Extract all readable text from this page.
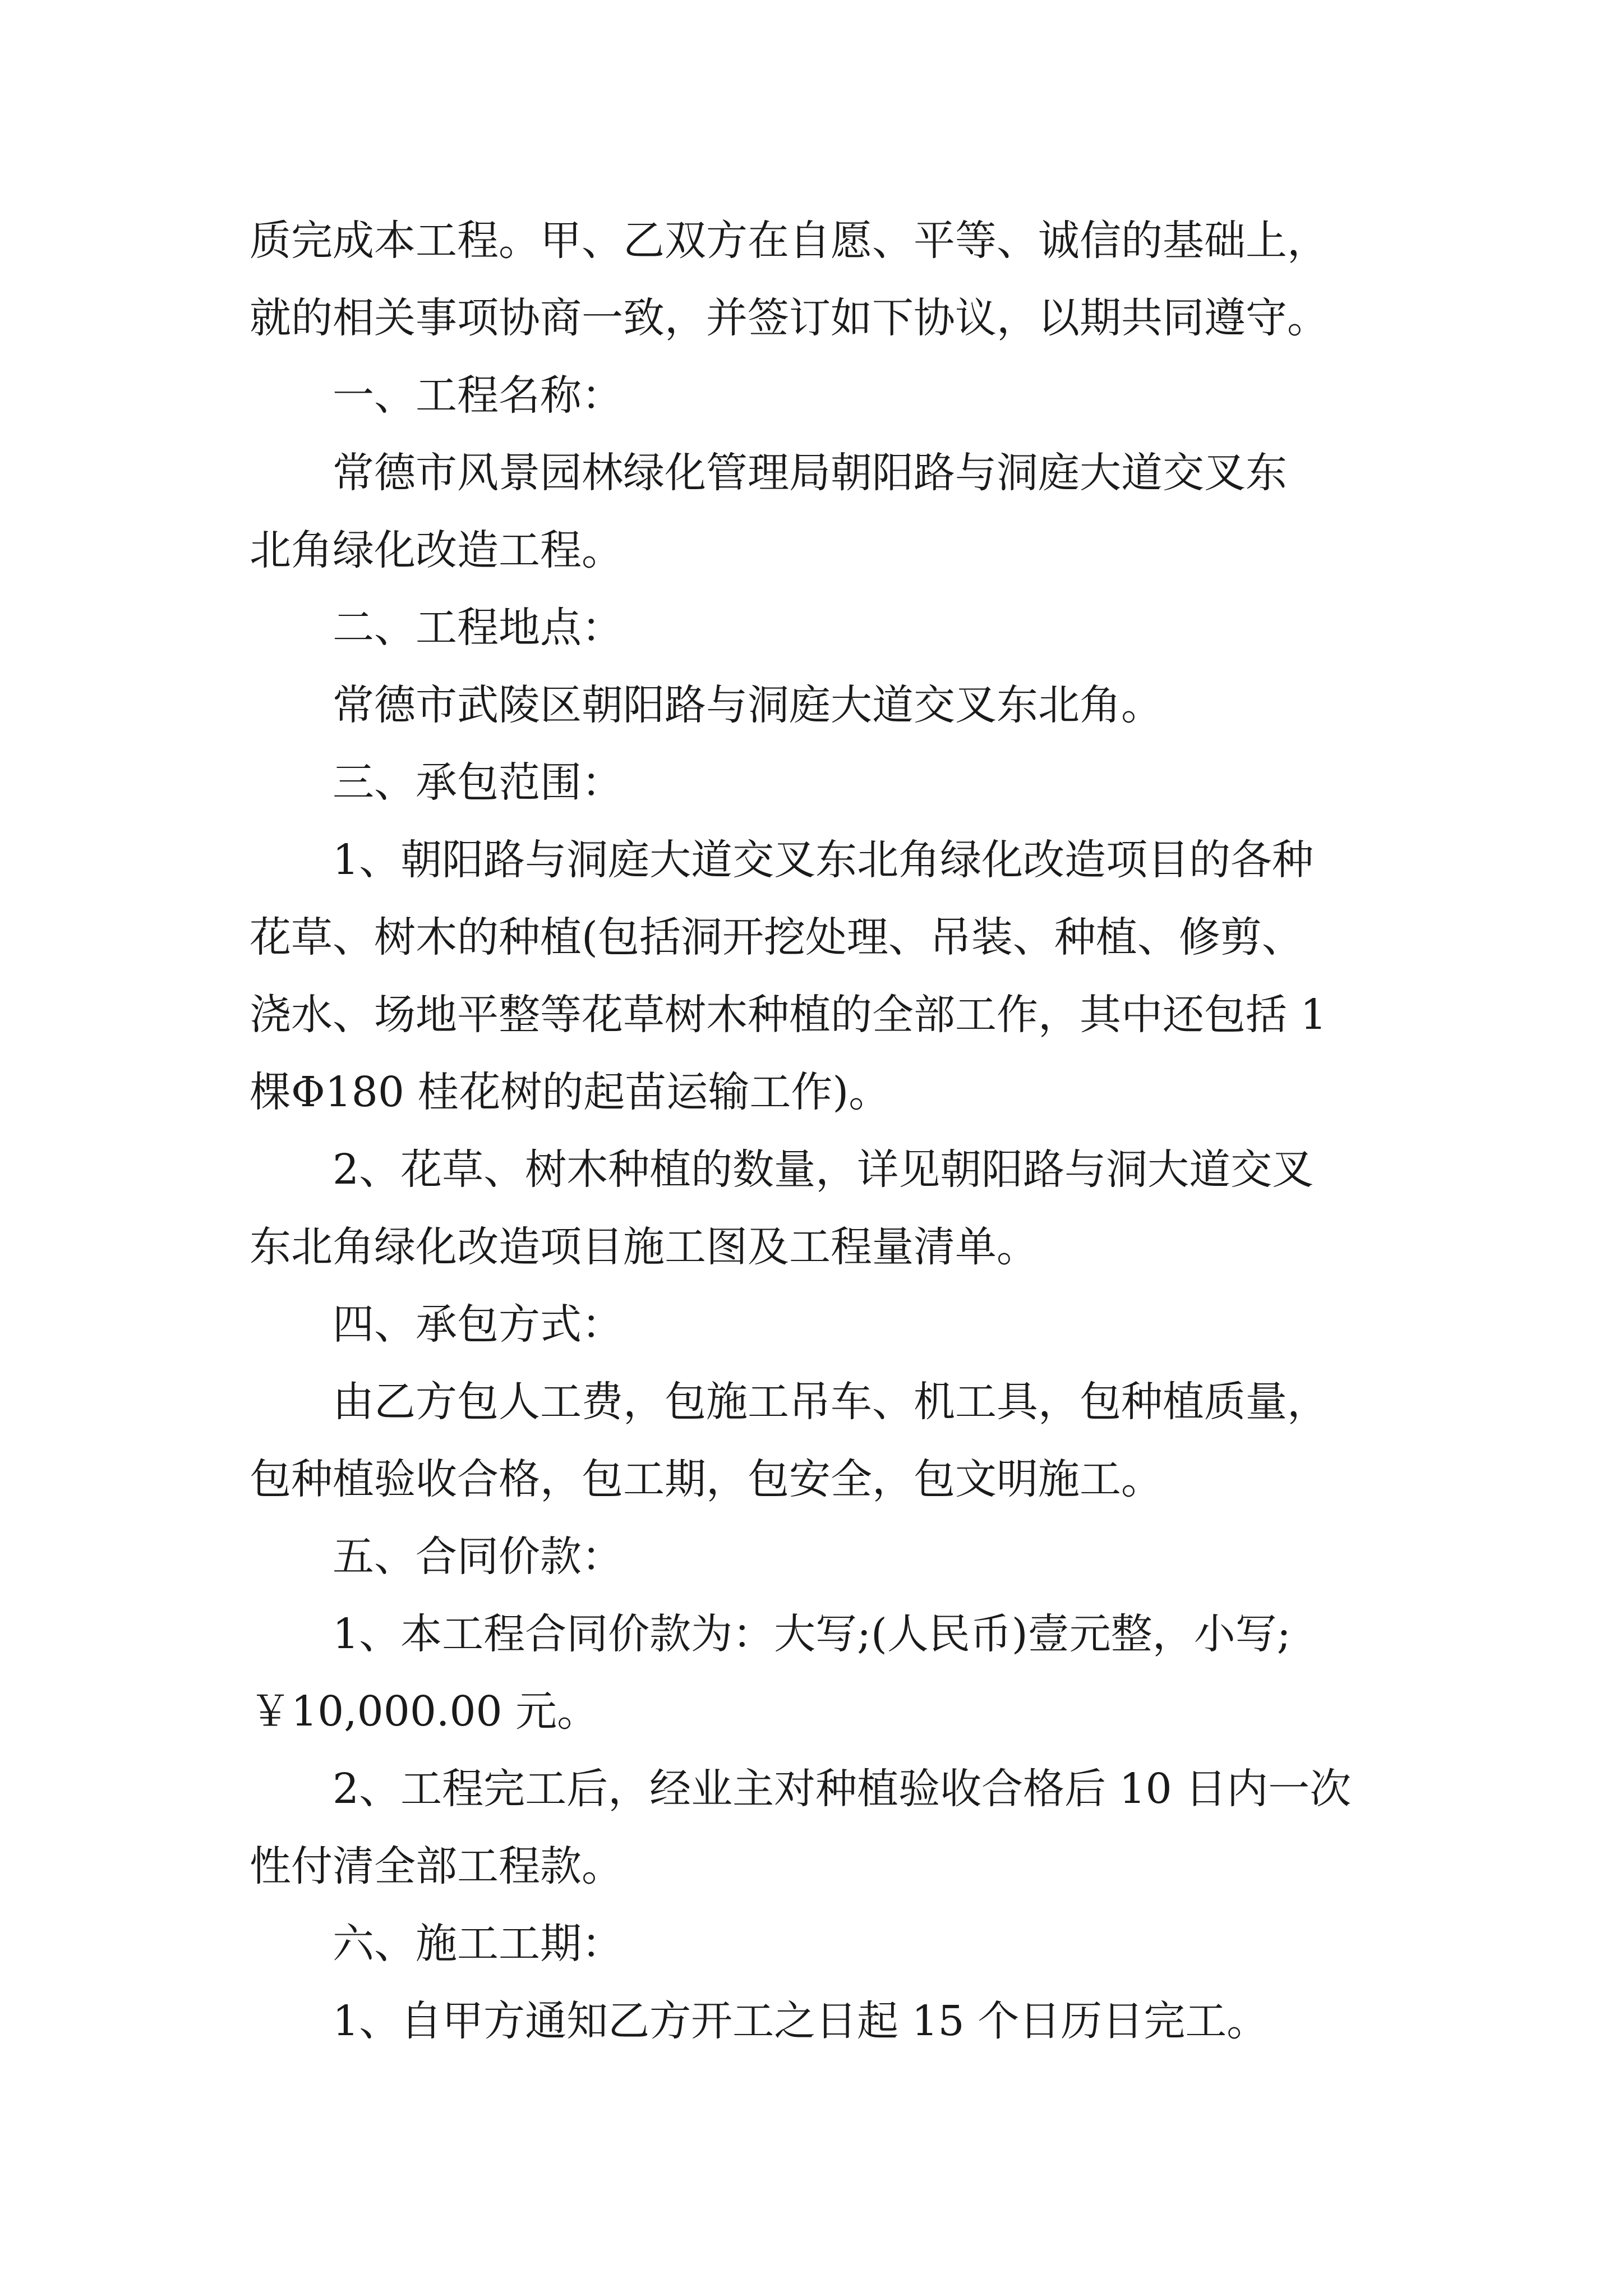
质完成本工程。甲、乙双方在自愿、平等、诚信的基础上，
就的相关事项协商一致，并签订如下协议，以期共同遵守。
一、工程名称：
常德市风景园林绿化管理局朝阳路与洞庭大道交叉东
北角绿化改造工程。
二、工程地点：
常德市武陵区朝阳路与洞庭大道交叉东北角。
三、承包范围：
1、朝阳路与洞庭大道交叉东北角绿化改造项目的各种
花草、树木的种植(包括洞开挖处理、吊装、种植、修剪、
浇水、场地平整等花草树木种植的全部工作，其中还包括 1
棵Φ180 桂花树的起苗运输工作)。
2、花草、树木种植的数量，详见朝阳路与洞大道交叉
东北角绿化改造项目施工图及工程量清单。
四、承包方式：
由乙方包人工费，包施工吊车、机工具，包种植质量，
包种植验收合格，包工期，包安全，包文明施工。
五、合同价款：
1、本工程合同价款为：大写;(人民币)壹元整，小写;
￥10,000.00 元。
2、工程完工后，经业主对种植验收合格后 10 日内一次
性付清全部工程款。
六、施工工期：
1、自甲方通知乙方开工之日起 15 个日历日完工。
